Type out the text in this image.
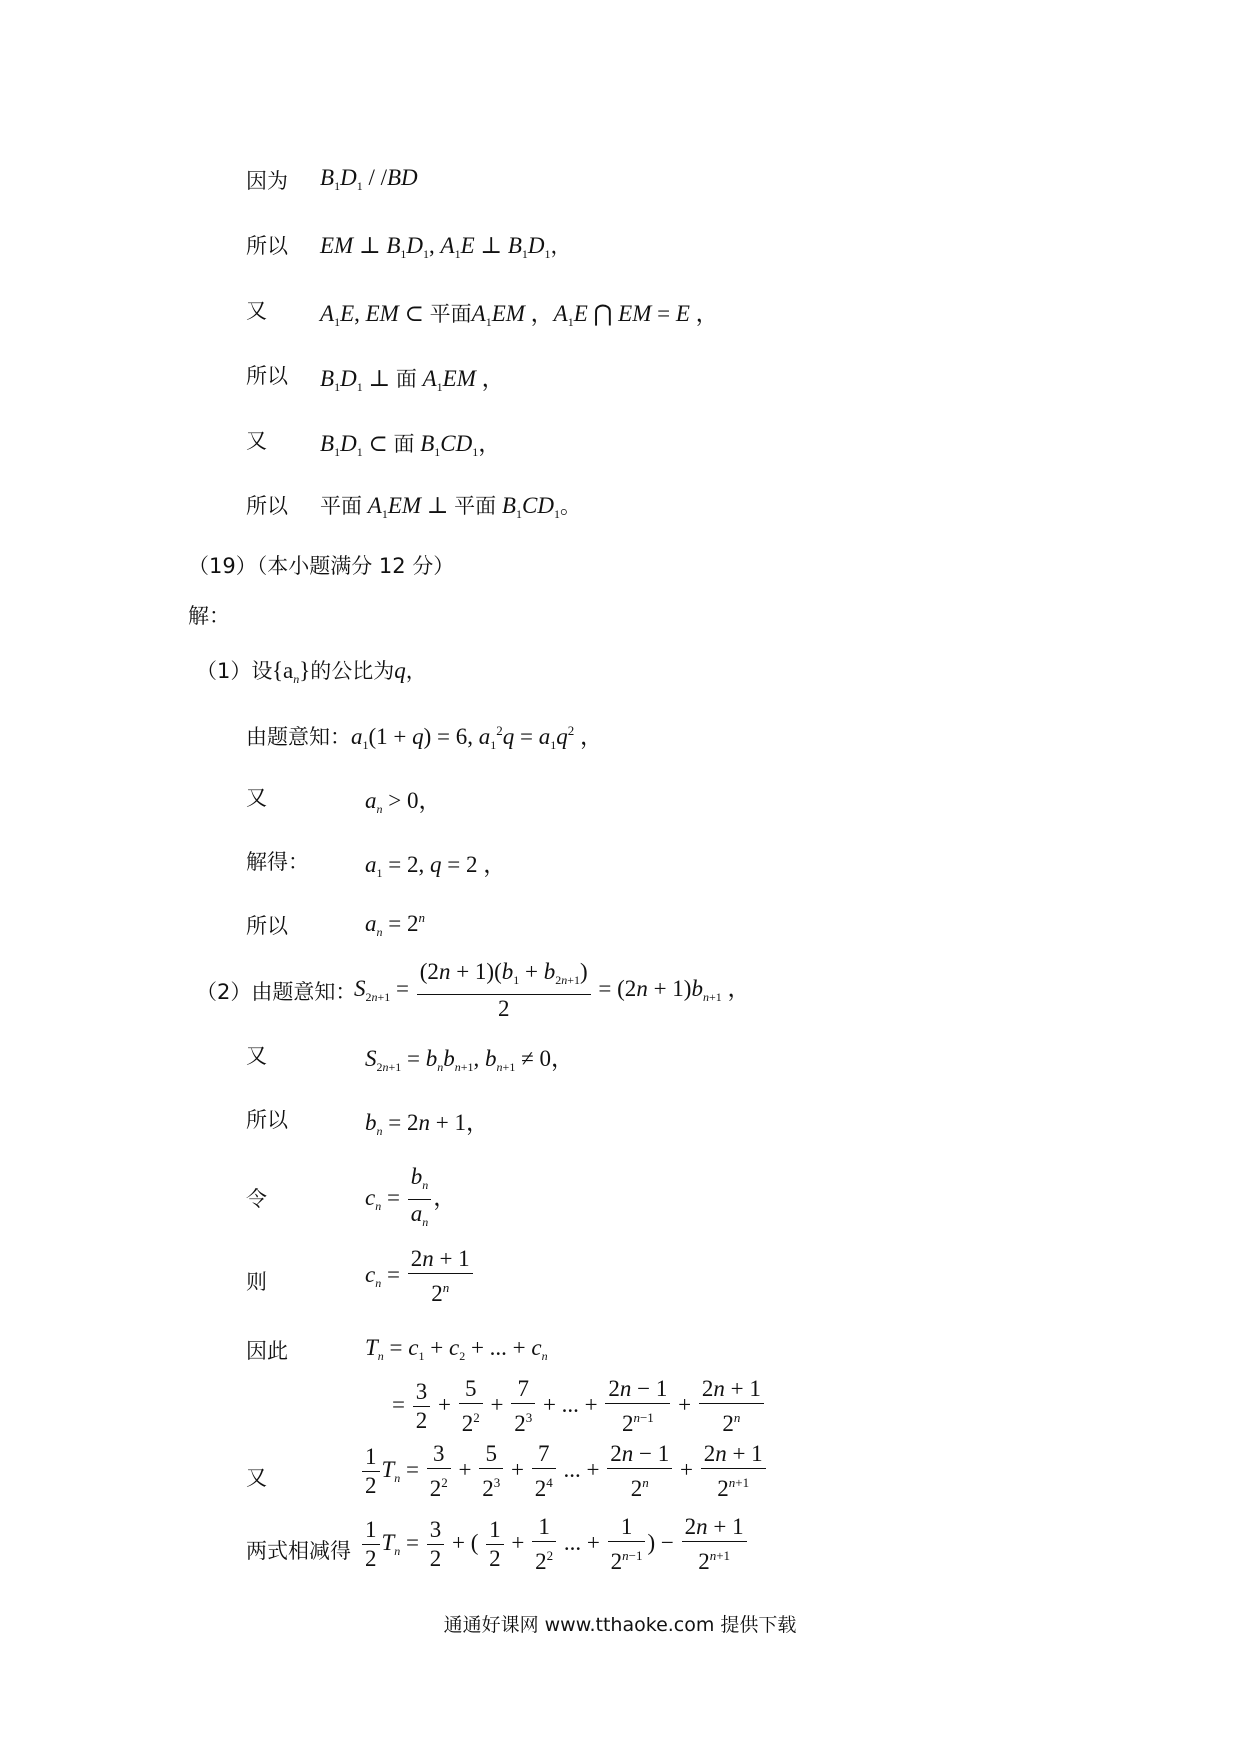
因为 $B_1D_1 / /BD$
所以 EM ⊥ $B_1D_1$, $A_1E$ ⊥ $B_1D_1$，
又 $A_1E$, EM ⊂ 平面$A_1EM$ ，$A_1E$ ⋂ EM = E ，
所以 $B_1D_1$ ⊥ 面 $A_1EM$ ，
又 $B_1D_1$ ⊂ 面 $B_1CD_1$，
所以 平面 $A_1EM$ ⊥ 平面 $B_1CD_1$。
（19）（本小题满分 12 分）
解：
（1）设 $\{a_n\}$的公比为q，
由题意知：$a_1(1 + q) = 6$, $a_1^2q = a_1q^2$ ，
又	$a_n > 0$，
解得： $a_1 = 2$, q = 2 ，
所以	$a_n = 2^n$
（2）由题意知：
$S_{2n+1} = \frac{(2n + 1)(b_1 + b_{2n+1})}{2} = (2n + 1)b_{n+1}$ ，
又	$S_{2n+1} = b_nb_{n+1}$, $b_{n+1} \ne 0$，
所以	$b_n = 2n + 1$，
令	$c_n = \frac{b_n}{a_n}$ ，
则	$c_n = \frac{2n + 1}{2^n}$
因此	$T_n = c_1 + c_2$ + ... + $c_n$
= $\frac{3}{2} + \frac{5}{2^2} + \frac{7}{2^3}$ + ... + $\frac{2n - 1}{2^{n-1}} + \frac{2n + 1}{2^n}$
又	$\frac{1}{2} T_n = \frac{3}{2^2} + \frac{5}{2^3} + \frac{7}{2^4}$ ... + $\frac{2n - 1}{2^n} + \frac{2n + 1}{2^{n+1}}$
两式相减得 $\frac{1}{2} T_n = \frac{3}{2}$ + ( $\frac{1}{2} + \frac{1}{2^2}$ ... + $\frac{1}{2^{n-1}}$ ) − $\frac{2n + 1}{2^{n+1}}$
通通好课网 www.tthaoke.com 提供下载
